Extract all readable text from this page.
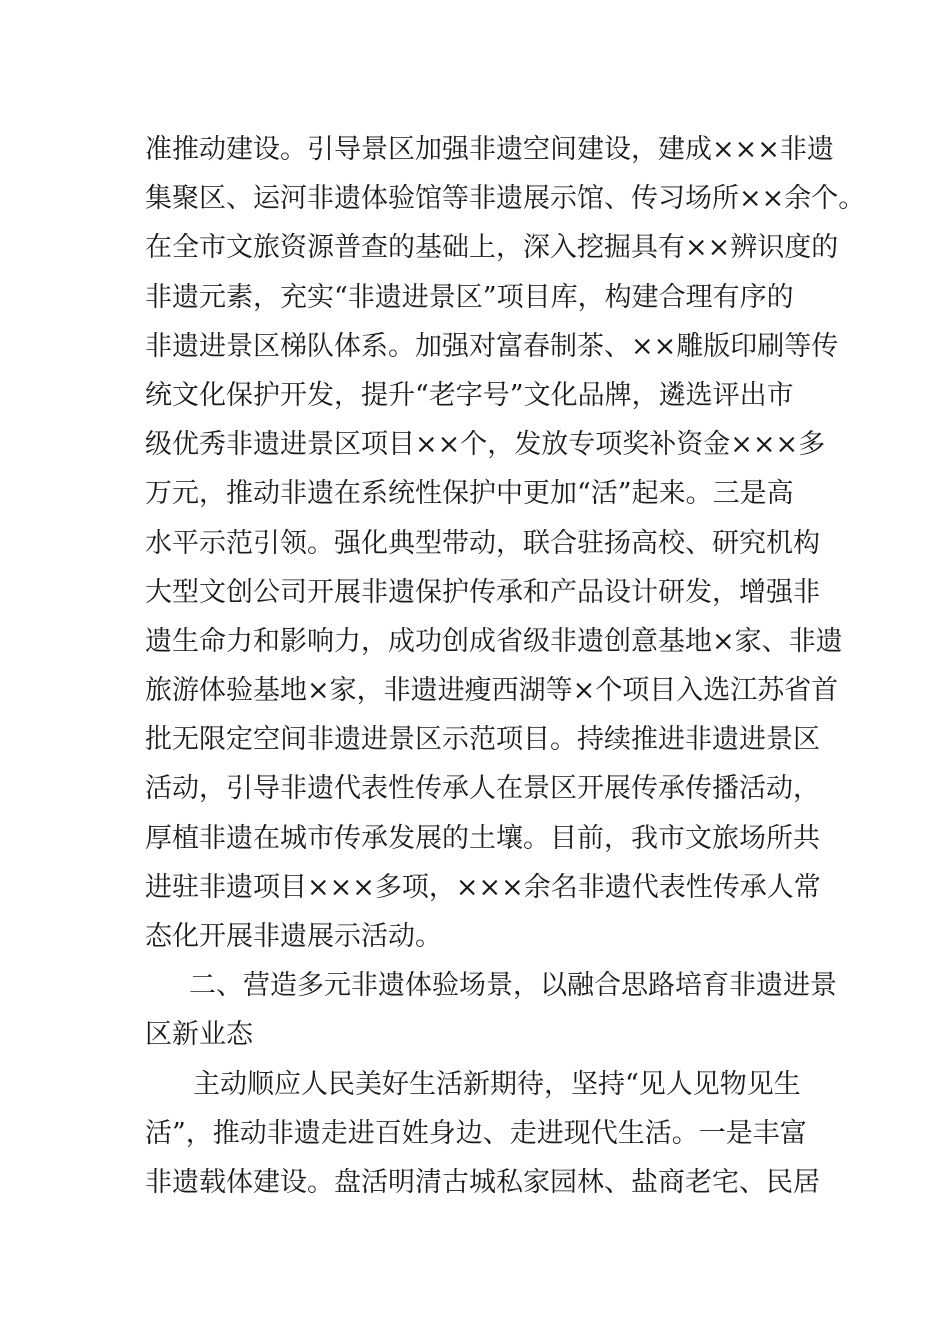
准推动建设。引导景区加强非遗空间建设，建成×××非遗
集聚区、运河非遗体验馆等非遗展示馆、传习场所××余个。
在全市文旅资源普查的基础上，深入挖掘具有××辨识度的
非遗元素，充实“非遗进景区”项目库，构建合理有序的
非遗进景区梯队体系。加强对富春制茶、××雕版印刷等传
统文化保护开发，提升“老字号”文化品牌，遴选评出市
级优秀非遗进景区项目××个，发放专项奖补资金×××多
万元，推动非遗在系统性保护中更加“活”起来。三是高
水平示范引领。强化典型带动，联合驻扬高校、研究机构
大型文创公司开展非遗保护传承和产品设计研发，增强非
遗生命力和影响力，成功创成省级非遗创意基地×家、非遗
旅游体验基地×家，非遗进瘦西湖等×个项目入选江苏省首
批无限定空间非遗进景区示范项目。持续推进非遗进景区
活动，引导非遗代表性传承人在景区开展传承传播活动，
厚植非遗在城市传承发展的土壤。目前，我市文旅场所共
进驻非遗项目×××多项，×××余名非遗代表性传承人常
态化开展非遗展示活动。
二、营造多元非遗体验场景，以融合思路培育非遗进景
区新业态
主动顺应人民美好生活新期待，坚持“见人见物见生
活”，推动非遗走进百姓身边、走进现代生活。一是丰富
非遗载体建设。盘活明清古城私家园林、盐商老宅、民居
